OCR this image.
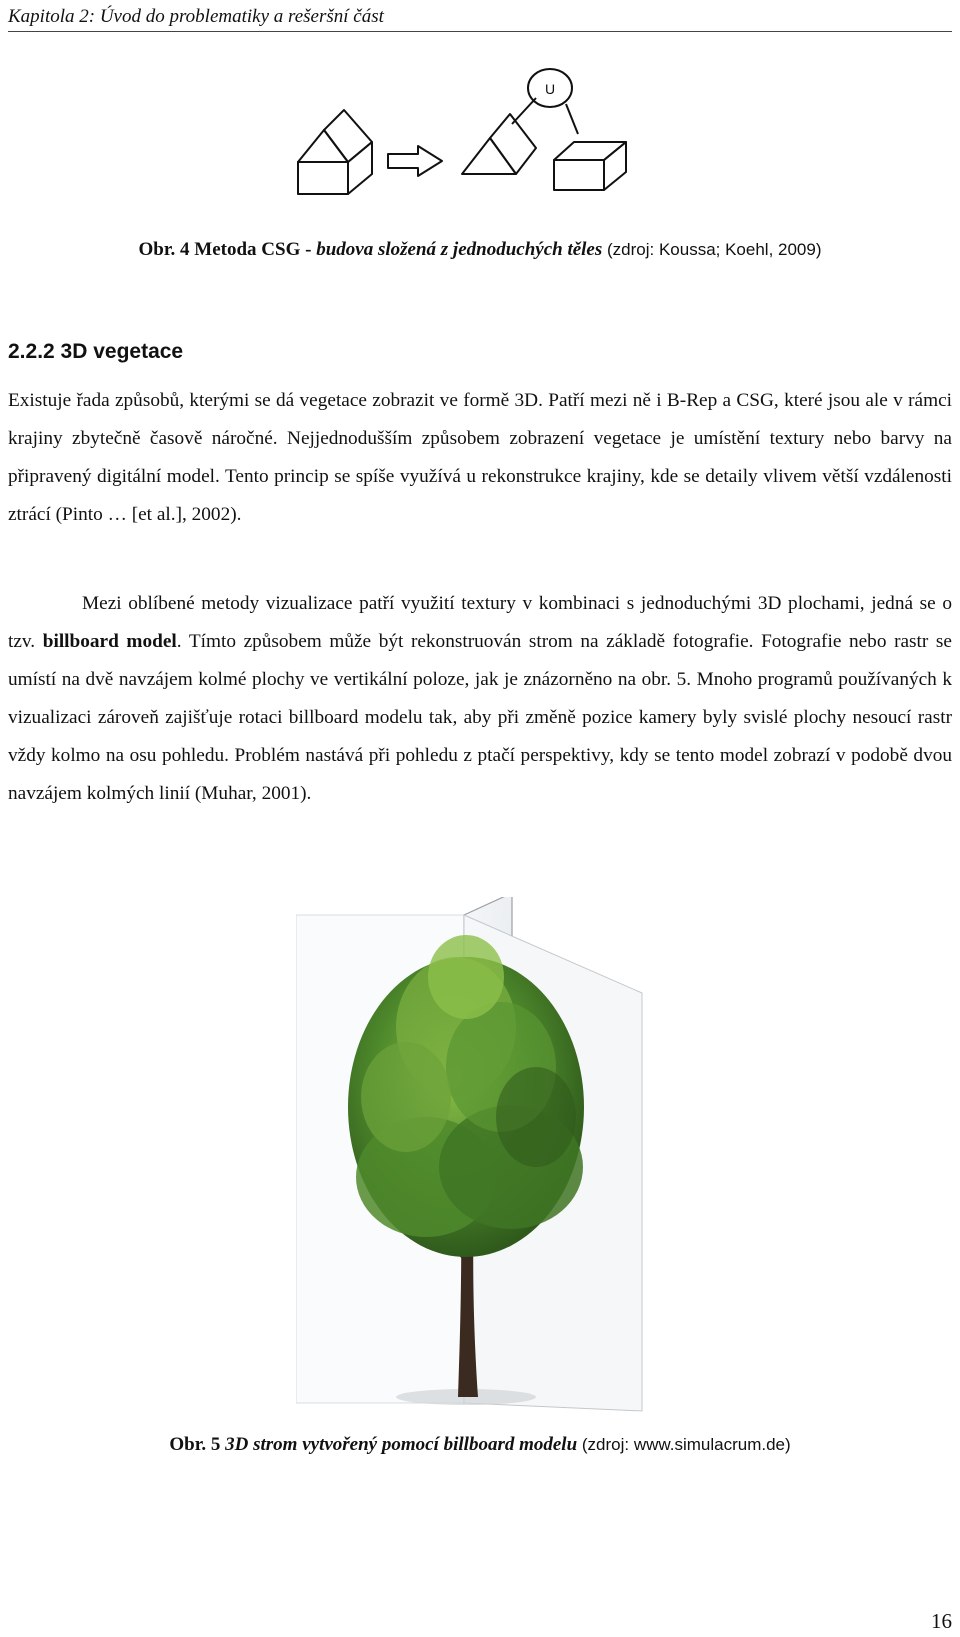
Kapitola 2: Úvod do problematiky a rešeršní část
U
Obr. 4 Metoda CSG - budova složená z jednoduchých těles (zdroj: Koussa; Koehl, 2009)
2.2.2 3D vegetace

Existuje řada způsobů, kterými se dá vegetace zobrazit ve formě 3D. Patří mezi ně i B-Rep a CSG, které jsou ale v rámci krajiny zbytečně časově náročné. Nejjednodušším způsobem zobrazení vegetace je umístění textury nebo barvy na připravený digitální model. Tento princip se spíše využívá u rekonstrukce krajiny, kde se detaily vlivem větší vzdálenosti ztrácí (Pinto … [et al.], 2002).

Mezi oblíbené metody vizualizace patří využití textury v kombinaci s jednoduchými 3D plochami, jedná se o tzv. billboard model. Tímto způsobem může být rekonstruován strom na základě fotografie. Fotografie nebo rastr se umístí na dvě navzájem kolmé plochy ve vertikální poloze, jak je znázorněno na obr. 5. Mnoho programů používaných k vizualizaci zároveň zajišťuje rotaci billboard modelu tak, aby při změně pozice kamery byly svislé plochy nesoucí rastr vždy kolmo na osu pohledu. Problém nastává při pohledu z ptačí perspektivy, kdy se tento model zobrazí v podobě dvou navzájem kolmých linií (Muhar, 2001).

Obr. 5 3D strom vytvořený pomocí billboard modelu (zdroj: www.simulacrum.de)
16
